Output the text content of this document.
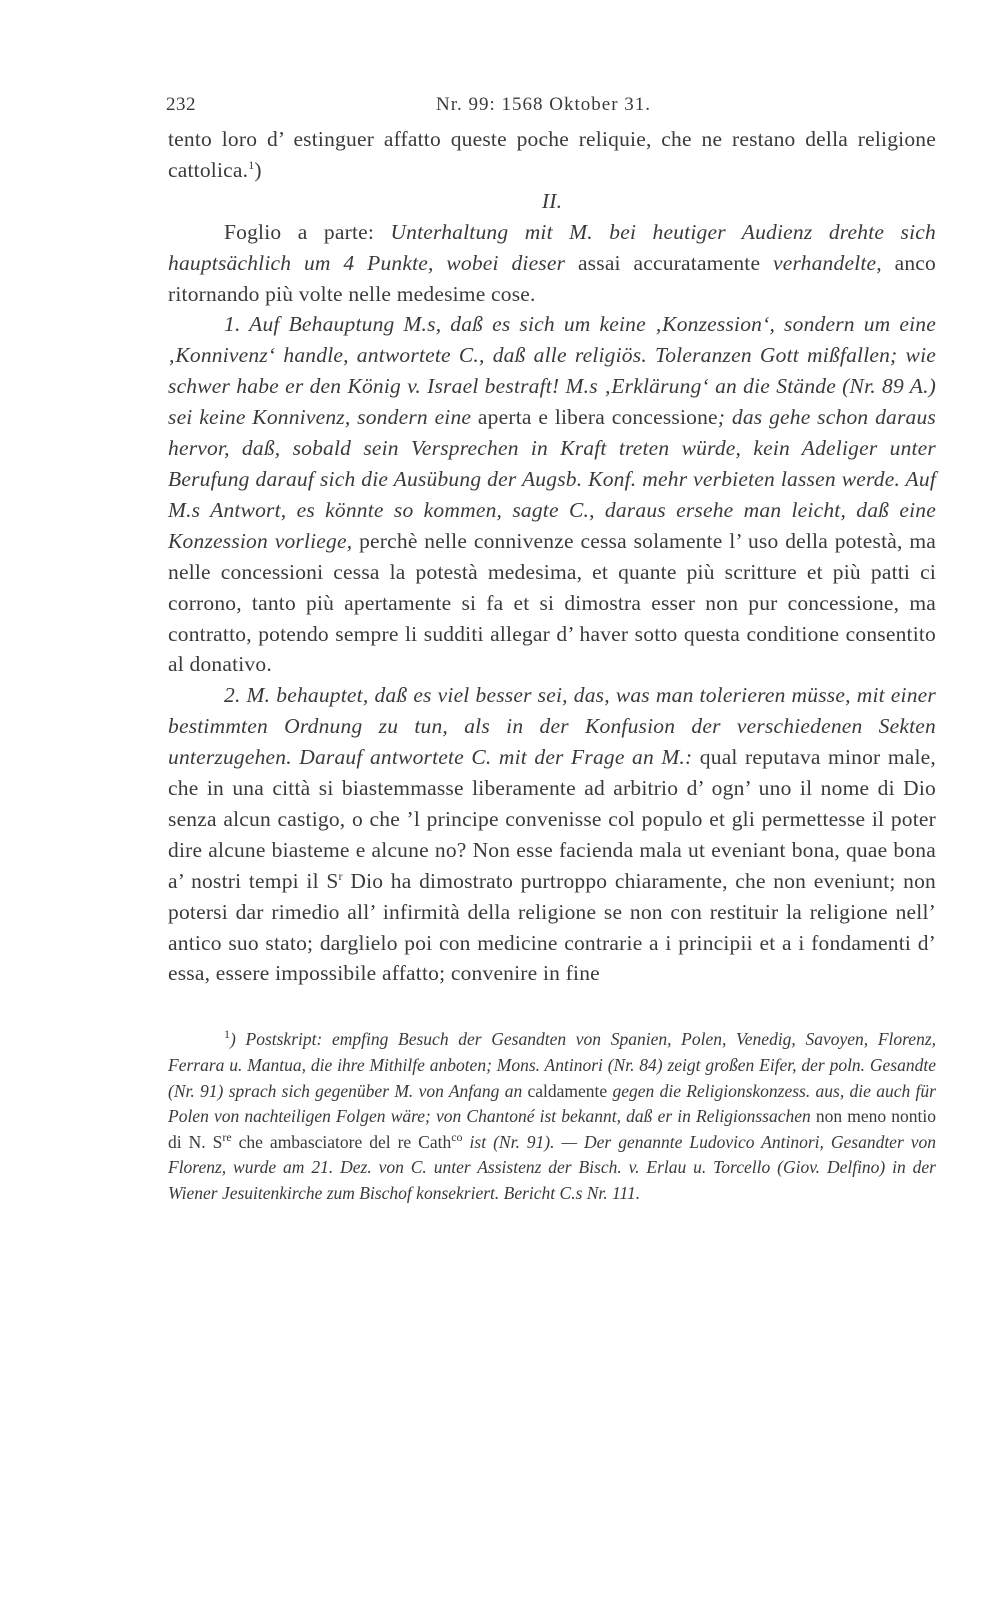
232	Nr. 99: 1568 Oktober 31.

tento loro d’ estinguer affatto queste poche reliquie, che ne restano della religione cattolica.$^1$)

II.

Foglio a parte: Unterhaltung mit M. bei heutiger Audienz drehte sich hauptsächlich um 4 Punkte, wobei dieser assai accuratamente verhandelte, anco ritornando più volte nelle medesime cose.

1. Auf Behauptung M.s, daß es sich um keine ‚Konzession‘, sondern um eine ‚Konnivenz‘ handle, antwortete C., daß alle religiös. Toleranzen Gott mißfallen; wie schwer habe er den König v. Israel bestraft! M.s ‚Erklärung‘ an die Stände (Nr. 89 A.) sei keine Konnivenz, sondern eine aperta e libera concessione; das gehe schon daraus hervor, daß, sobald sein Versprechen in Kraft treten würde, kein Adeliger unter Berufung darauf sich die Ausübung der Augsb. Konf. mehr verbieten lassen werde. Auf M.s Antwort, es könnte so kommen, sagte C., daraus ersehe man leicht, daß eine Konzession vorliege, perchè nelle connivenze cessa solamente l’ uso della potestà, ma nelle concessioni cessa la potestà medesima, et quante più scritture et più patti ci corrono, tanto più apertamente si fa et si dimostra esser non pur concessione, ma contratto, potendo sempre li sudditi allegar d’ haver sotto questa conditione consentito al donativo.

2. M. behauptet, daß es viel besser sei, das, was man tolerieren müsse, mit einer bestimmten Ordnung zu tun, als in der Konfusion der verschiedenen Sekten unterzugehen. Darauf antwortete C. mit der Frage an M.: qual reputava minor male, che in una città si biastemmasse liberamente ad arbitrio d’ ogn’ uno il nome di Dio senza alcun castigo, o che ’l principe convenisse col populo et gli permettesse il poter dire alcune biasteme e alcune no? Non esse facienda mala ut eveniant bona, quae bona a’ nostri tempi il $S^r$ Dio ha dimostrato purtroppo chiaramente, che non eveniunt; non potersi dar rimedio all’ infirmità della religione se non con restituir la religione nell’ antico suo stato; darglielo poi con medicine contrarie a i principii et a i fondamenti d’ essa, essere impossibile affatto; convenire in fine

$^1$) Postskript: empfing Besuch der Gesandten von Spanien, Polen, Venedig, Savoyen, Florenz, Ferrara u. Mantua, die ihre Mithilfe anboten; Mons. Antinori (Nr. 84) zeigt großen Eifer, der poln. Gesandte (Nr. 91) sprach sich gegenüber M. von Anfang an caldamente gegen die Religionskonzess. aus, die auch für Polen von nachteiligen Folgen wäre; von Chantoné ist bekannt, daß er in Religionssachen non meno nontio di N. $S^{re}$ che ambasciatore del re Cath$^{co}$ ist (Nr. 91). — Der genannte Ludovico Antinori, Gesandter von Florenz, wurde am 21. Dez. von C. unter Assistenz der Bisch. v. Erlau u. Torcello (Giov. Delfino) in der Wiener Jesuitenkirche zum Bischof konsekriert. Bericht C.s Nr. 111.
